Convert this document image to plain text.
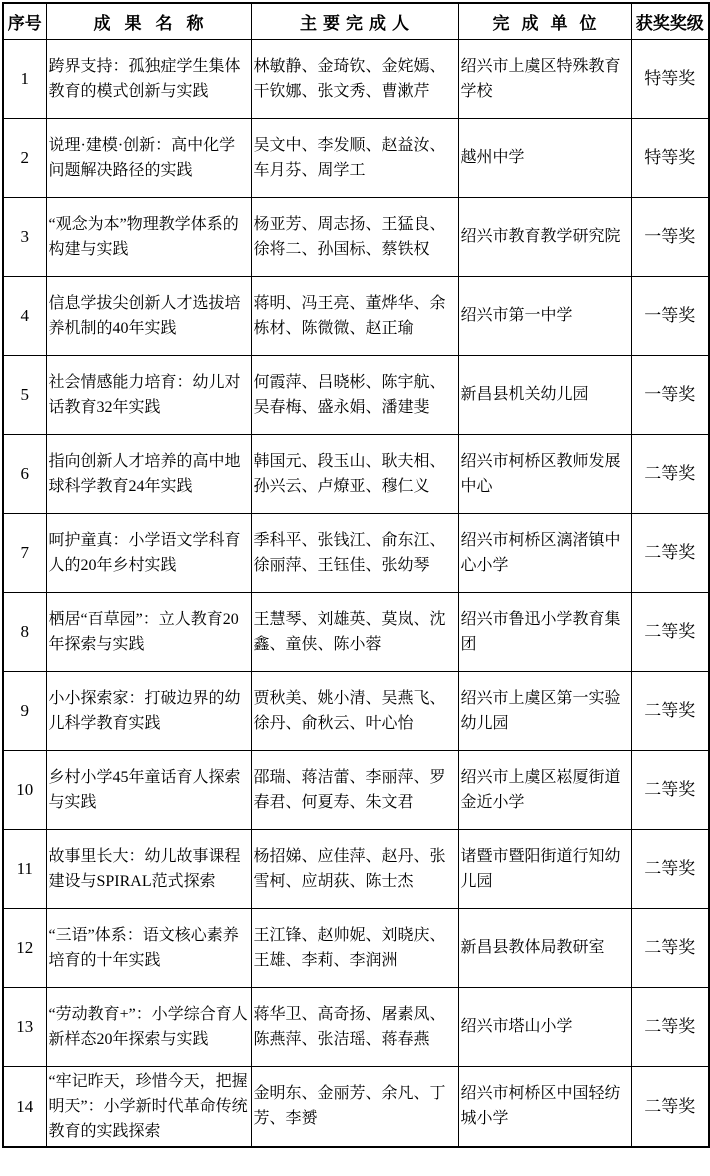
序号	成果名称	主要完成人	完成单位	获奖奖级
1	跨界支持：孤独症学生集体教育的模式创新与实践	林敏静、金琦钦、金姹嫣、干钦娜、张文秀、曹漱芹	绍兴市上虞区特殊教育学校	特等奖
2	说理·建模·创新：高中化学问题解决路径的实践	吴文中、李发顺、赵益汝、车月芬、周学工	越州中学	特等奖
3	“观念为本”物理教学体系的构建与实践	杨亚芳、周志扬、王猛良、徐将二、孙国标、蔡铁权	绍兴市教育教学研究院	一等奖
4	信息学拔尖创新人才选拔培养机制的40年实践	蒋明、冯王亮、董烨华、余栋材、陈微微、赵正瑜	绍兴市第一中学	一等奖
5	社会情感能力培育：幼儿对话教育32年实践	何霞萍、吕晓彬、陈宇航、吴春梅、盛永娟、潘建斐	新昌县机关幼儿园	一等奖
6	指向创新人才培养的高中地球科学教育24年实践	韩国元、段玉山、耿夫相、孙兴云、卢燎亚、穆仁义	绍兴市柯桥区教师发展中心	二等奖
7	呵护童真：小学语文学科育人的20年乡村实践	季科平、张钱江、俞东江、徐丽萍、王钰佳、张幼琴	绍兴市柯桥区漓渚镇中心小学	二等奖
8	栖居“百草园”：立人教育20年探索与实践	王慧琴、刘雄英、莫岚、沈鑫、童侠、陈小蓉	绍兴市鲁迅小学教育集团	二等奖
9	小小探索家：打破边界的幼儿科学教育实践	贾秋美、姚小清、吴燕飞、徐丹、俞秋云、叶心怡	绍兴市上虞区第一实验幼儿园	二等奖
10	乡村小学45年童话育人探索与实践	邵瑞、蒋洁蕾、李丽萍、罗春君、何夏寿、朱文君	绍兴市上虞区崧厦街道金近小学	二等奖
11	故事里长大：幼儿故事课程建设与SPIRAL范式探索	杨招娣、应佳萍、赵丹、张雪柯、应胡荻、陈士杰	诸暨市暨阳街道行知幼儿园	二等奖
12	“三语”体系：语文核心素养培育的十年实践	王江锋、赵帅妮、刘晓庆、王雄、李莉、李润洲	新昌县教体局教研室	二等奖
13	“劳动教育+”：小学综合育人新样态20年探索与实践	蒋华卫、高奇扬、屠素凤、陈燕萍、张洁瑶、蒋春燕	绍兴市塔山小学	二等奖
14	“牢记昨天，珍惜今天，把握明天”：小学新时代革命传统教育的实践探索	金明东、金丽芳、余凡、丁芳、李赟	绍兴市柯桥区中国轻纺城小学	二等奖
